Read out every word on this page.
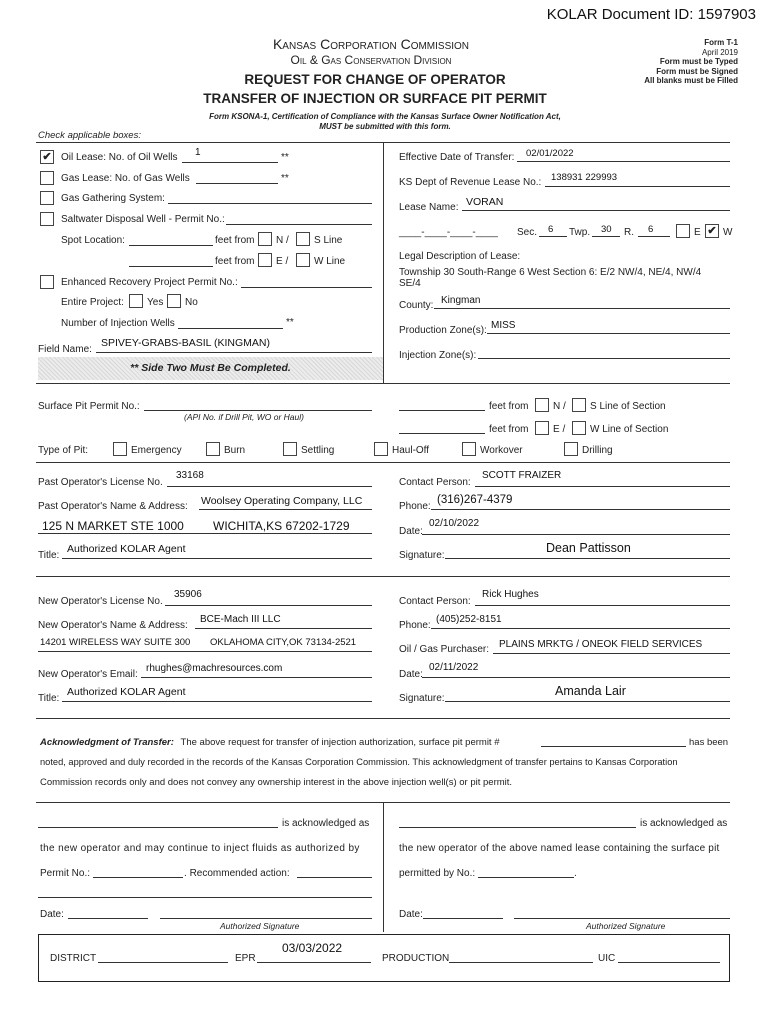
KOLAR Document ID: 1597903
Kansas Corporation Commission
Oil & Gas Conservation Division
REQUEST FOR CHANGE OF OPERATOR
TRANSFER OF INJECTION OR SURFACE PIT PERMIT
Form T-1
April 2019
Form must be Typed
Form must be Signed
All blanks must be Filled
Form KSONA-1, Certification of Compliance with the Kansas Surface Owner Notification Act,
MUST be submitted with this form.
Check applicable boxes:
✔ Oil Lease: No. of Oil Wells 1	**
Gas Lease: No. of Gas Wells	**
Gas Gathering System:
Saltwater Disposal Well - Permit No.:
Spot Location:	feet from N /	S Line
feet from E /	W Line
Enhanced Recovery Project Permit No.:
Entire Project: Yes No
Number of Injection Wells	**
Field Name:
SPIVEY-GRABS-BASIL (KINGMAN)
** Side Two Must Be Completed.
Effective Date of Transfer: 02/01/2022
KS Dept of Revenue Lease No.: 138931 229993
Lease Name: VORAN
____-____-____-____ Sec. 6 Twp. 30 R. 6	E ✔ W
Legal Description of Lease:
Township 30 South-Range 6 West Section 6: E/2 NW/4, NE/4, NW/4
SE/4
County: Kingman
Production Zone(s): MISS
Injection Zone(s):
Surface Pit Permit No.:
(API No. if Drill Pit, WO or Haul)
feet from N / S Line of Section
feet from E / W Line of Section
Type of Pit:	Emergency	Burn	Settling	Haul-Off	Workover	Drilling
Past Operator's License No.
33168
Past Operator's Name & Address: Woolsey Operating Company, LLC
125 N MARKET STE 1000 WICHITA,KS 67202-1729
Title:
Authorized KOLAR Agent
Contact Person:
SCOTT FRAIZER
Phone:
(316)267-4379
Date:
02/10/2022
Signature:
Dean Pattisson
New Operator's License No.
35906
New Operator's Name & Address:
BCE-Mach III LLC
14201 WIRELESS WAY SUITE 300 OKLAHOMA CITY,OK 73134-2521
New Operator's Email:
rhughes@machresources.com
Title:
Authorized KOLAR Agent
Contact Person:
Rick Hughes
Phone:
(405)252-8151
Oil / Gas Purchaser: PLAINS MRKTG / ONEOK FIELD SERVICES
Date:
02/11/2022
Signature:
Amanda Lair
Acknowledgment of Transfer: The above request for transfer of injection authorization, surface pit permit #	has been
noted, approved and duly recorded in the records of the Kansas Corporation Commission. This acknowledgment of transfer pertains to Kansas Corporation
Commission records only and does not convey any ownership interest in the above injection well(s) or pit permit.
is acknowledged as	is acknowledged as
the new operator and may continue to inject fluids as authorized by	the new operator of the above named lease containing the surface pit
Permit No.:	. Recommended action:	permitted by No.:	.
Date:
Authorized Signature
Date:
Authorized Signature
DISTRICT	EPR
03/03/2022
PRODUCTION	UIC
